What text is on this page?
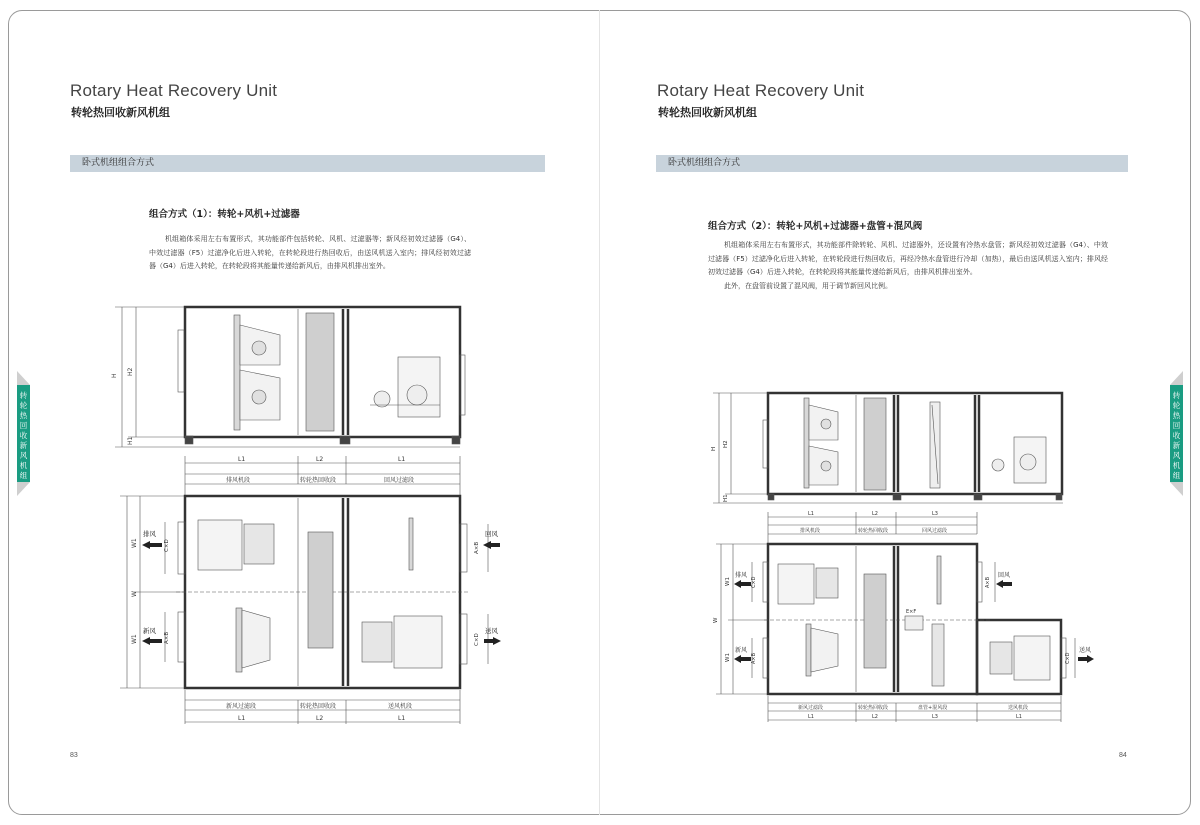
Rotary Heat Recovery Unit
转轮热回收新风机组
卧式机组组合方式
组合方式（1）：转轮+风机+过滤器

机组箱体采用左右布置形式，其功能部件包括转轮、风机、过滤器等；新风经初效过滤器（G4）、中效过滤器（F5）过滤净化后进入转轮，在转轮段进行热回收后，由送风机送入室内；排风经初效过滤器（G4）后进入转轮，在转轮段将其能量传递给新风后，由排风机排出室外。

83
转轮热回收新风机组
H H2
H1
L1	L2	L1
排风机段	转轮热回收段	回风过滤段
W
W1
W1
C×D
A×B
A×B
C×D
排风
新风
回风
送风
新风过滤段	转轮热回收段	送风机段
L1	L2	L1
Rotary Heat Recovery Unit
转轮热回收新风机组
卧式机组组合方式
组合方式（2）：转轮+风机+过滤器+盘管+混风阀

机组箱体采用左右布置形式，其功能部件除转轮、风机、过滤器外，还设置有冷热水盘管；新风经初效过滤器（G4）、中效过滤器（F5）过滤净化后进入转轮，在转轮段进行热回收后，再经冷热水盘管进行冷却（加热），最后由送风机送入室内；排风经初效过滤器（G4）后进入转轮，在转轮段将其能量传递给新风后，由排风机排出室外。

此外，在盘管前设置了混风阀，用于调节新回风比例。

84
转轮热回收新风机组
H
H2
H1
L1	L2	L3
排风机段	转轮热回收段	回风过滤段
W
W1
W1
C×D
A×B
A×B
C×D
E×F
排风
新风
回风
送风
新风过滤段	转轮热回收段	盘管+混风段	送风机段
L1	L2	L3	L1
